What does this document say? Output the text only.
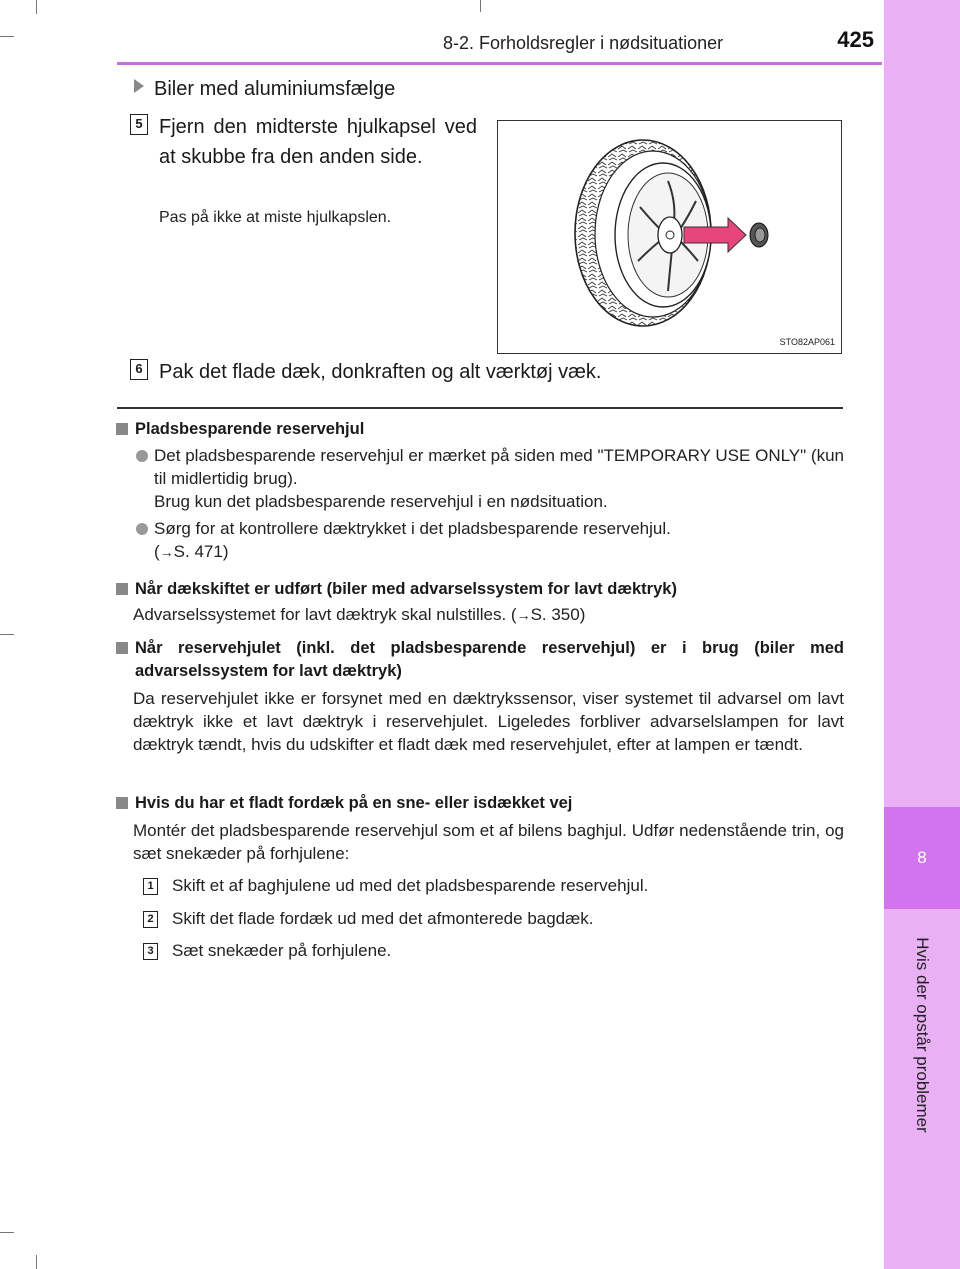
8
Hvis der opstår problemer
8-2. Forholdsregler i nødsituationer	425
Biler med aluminiumsfælge
5 Fjern den midterste hjulkapsel ved at skubbe fra den anden side.
Pas på ikke at miste hjulkapslen.
STO82AP061
6 Pak det flade dæk, donkraften og alt værktøj væk.
Pladsbesparende reservehjul
Det pladsbesparende reservehjul er mærket på siden med "TEMPORARY USE ONLY" (kun til midlertidig brug).
Brug kun det pladsbesparende reservehjul i en nødsituation.
Sørg for at kontrollere dæktrykket i det pladsbesparende reservehjul.
(→S. 471)
Når dækskiftet er udført (biler med advarselssystem for lavt dæktryk)
Advarselssystemet for lavt dæktryk skal nulstilles. (→S. 350)
Når reservehjulet (inkl. det pladsbesparende reservehjul) er i brug (biler med advarselssystem for lavt dæktryk)
Da reservehjulet ikke er forsynet med en dæktrykssensor, viser systemet til advarsel om lavt dæktryk ikke et lavt dæktryk i reservehjulet. Ligeledes forbliver advarselslampen for lavt dæktryk tændt, hvis du udskifter et fladt dæk med reservehjulet, efter at lampen er tændt.
Hvis du har et fladt fordæk på en sne- eller isdækket vej
Montér det pladsbesparende reservehjul som et af bilens baghjul. Udfør nedenstående trin, og sæt snekæder på forhjulene:
1 Skift et af baghjulene ud med det pladsbesparende reservehjul.
2 Skift det flade fordæk ud med det afmonterede bagdæk.
3 Sæt snekæder på forhjulene.
